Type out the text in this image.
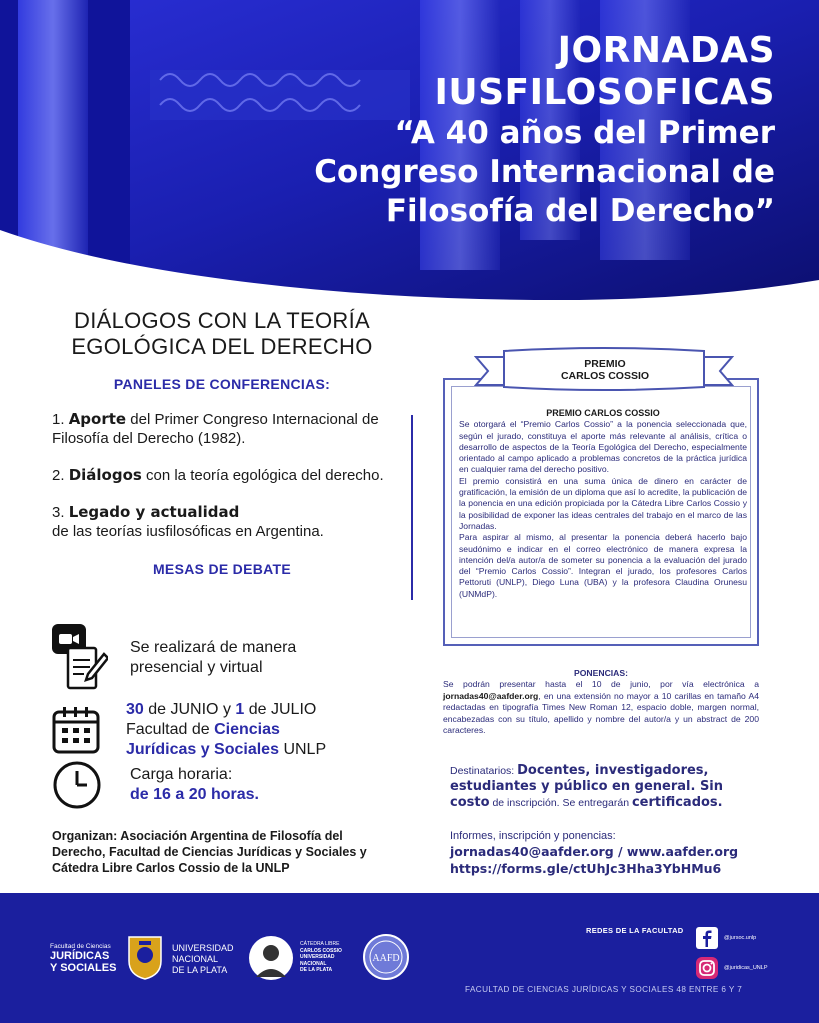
JORNADAS
IUSFILOSOFICAS
“A 40 años del Primer
Congreso Internacional de
Filosofía del Derecho”
DIÁLOGOS CON LA TEORÍA
EGOLÓGICA DEL DERECHO
PANELES DE CONFERENCIAS:
1. Aporte del Primer Congreso Internacional de Filosofía del Derecho (1982).
2. Diálogos con la teoría egológica del derecho.
3. Legado y actualidad
de las teorías iusfilosóficas en Argentina.
MESAS DE DEBATE
Se realizará de manera
presencial y virtual
30 de JUNIO y 1 de JULIO
Facultad de Ciencias
Jurídicas y Sociales UNLP
Carga horaria:
de 16 a 20 horas.
Organizan: Asociación Argentina de Filosofía del Derecho, Facultad de Ciencias Jurídicas y Sociales y Cátedra Libre Carlos Cossio de la UNLP
PREMIO CARLOS COSSIO
Se otorgará el “Premio Carlos Cossio” a la ponencia seleccionada que, según el jurado, constituya el aporte más relevante al análisis, crítica o desarrollo de aspectos de la Teoría Egológica del Derecho, especialmente orientado al campo aplicado a problemas concretos de la práctica jurídica en cualquier rama del derecho positivo.
El premio consistirá en una suma única de dinero en carácter de gratificación, la emisión de un diploma que así lo acredite, la publicación de la ponencia en una edición propiciada por la Cátedra Libre Carlos Cossio y la posibilidad de exponer las ideas centrales del trabajo en el marco de las Jornadas.
Para aspirar al mismo, al presentar la ponencia deberá hacerlo bajo seudónimo e indicar en el correo electrónico de manera expresa la intención del/a autor/a de someter su ponencia a la evaluación del jurado del “Premio Carlos Cossio”. Integran el jurado, los profesores Carlos Pettoruti (UNLP), Diego Luna (UBA) y la profesora Claudina Orunesu (UNMdP).
PREMIO
CARLOS COSSIO
PONENCIAS:
Se podrán presentar hasta el 10 de junio, por vía electrónica a jornadas40@aafder.org, en una extensión no mayor a 10 carillas en tamaño A4 redactadas en tipografía Times New Roman 12, espacio doble, margen normal, encabezadas con su título, apellido y nombre del autor/a y un abstract de 200 caracteres.
Destinatarios: Docentes, investigadores, estudiantes y público en general. Sin costo de inscripción. Se entregarán certificados.
Informes, inscripción y ponencias:
jornadas40@aafder.org / www.aafder.org
https://forms.gle/ctUhJc3Hha3YbHMu6
Facultad de Ciencias
JURÍDICAS
Y SOCIALES
UNIVERSIDAD
NACIONAL
DE LA PLATA
CÁTEDRA LIBRE
CARLOS COSSIO
UNIVERSIDAD
NACIONAL
DE LA PLATA
AAFD
REDES DE LA FACULTAD
@jursoc.unlp
@juridicas_UNLP
FACULTAD DE CIENCIAS JURÍDICAS Y SOCIALES 48 ENTRE 6 Y 7
